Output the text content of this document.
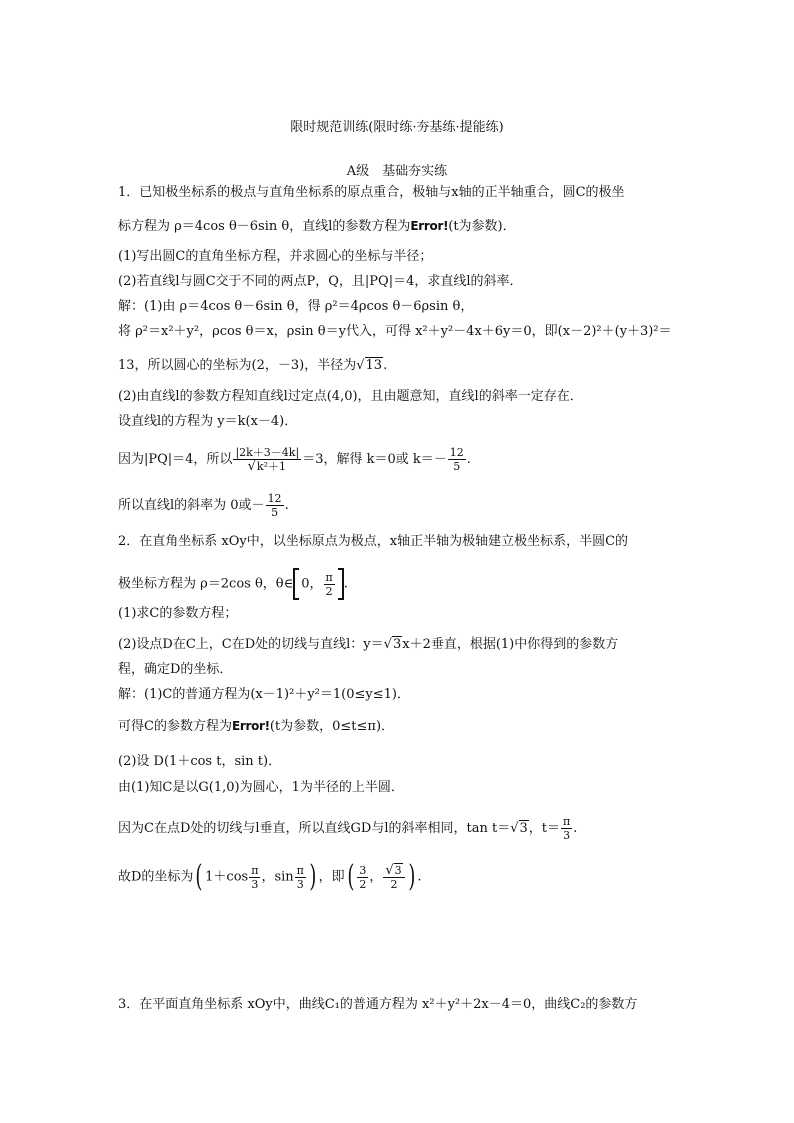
限时规范训练(限时练·夯基练·提能练)
A级　基础夯实练
1．已知极坐标系的极点与直角坐标系的原点重合，极轴与x轴的正半轴重合，圆C的极坐
标方程为 ρ＝4cos θ－6sin θ，直线l的参数方程为Error!(t为参数)．
(1)写出圆C的直角坐标方程，并求圆心的坐标与半径；
(2)若直线l与圆C交于不同的两点P，Q，且|PQ|＝4，求直线l的斜率．
解：(1)由 ρ＝4cos θ－6sin θ，得 ρ²＝4ρcos θ－6ρsin θ，
将 ρ²＝x²＋y²，ρcos θ＝x，ρsin θ＝y代入，可得 x²＋y²－4x＋6y＝0，即(x－2)²＋(y＋3)²＝
13，所以圆心的坐标为(2，－3)，半径为√13.
(2)由直线l的参数方程知直线l过定点(4,0)，且由题意知，直线l的斜率一定存在．
设直线l的方程为 y＝k(x－4)．
因为|PQ|＝4，所以 $\frac{|2k+3-4k|}{\text{√k²＋1}} =3$，解得 k＝0或 $k=- \frac{12}{5}$ .
所以直线l的斜率为 0或－ $\frac{12}{5}$ .
2．在直角坐标系 xOy中，以坐标原点为极点，x轴正半轴为极轴建立极坐标系，半圆C的
极坐标方程为 ρ＝2cos θ，θ∈ 0， $\frac{\pi}{2}$ .
(1)求C的参数方程；
(2)设点D在C上，C在D处的切线与直线l：y＝√3x＋2垂直，根据(1)中你得到的参数方
程，确定D的坐标．
解：(1)C的普通方程为(x－1)²＋y²＝1(0≤y≤1)．
可得C的参数方程为Error!(t为参数，0≤t≤π)．
(2)设 D(1＋cos t，sin t)．
由(1)知C是以G(1,0)为圆心，1为半径的上半圆．
因为C在点D处的切线与l垂直，所以直线GD与l的斜率相同，tan t＝√3，$t= \frac{\pi}{3}$ .
故D的坐标为( $1+\cos \frac{\pi}{3}$ ，$\sin \frac{\pi}{3}$ ) ，即( $\frac{3}{2}$ ， $\frac{√3}{2}$ ) .
3．在平面直角坐标系 xOy中，曲线C₁的普通方程为 x²＋y²＋2x－4＝0，曲线C₂的参数方
